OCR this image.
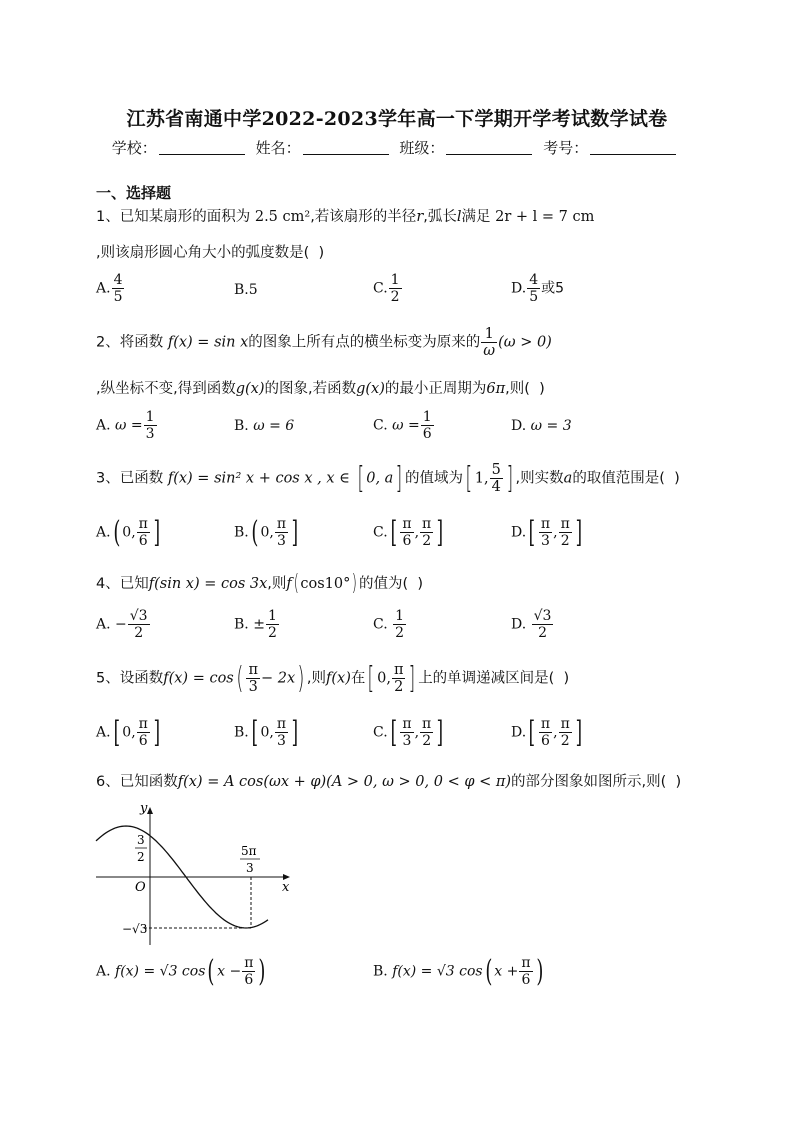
江苏省南通中学2022-2023学年高一下学期开学考试数学试卷
学校：	姓名：	班级：	考号：
一、选择题
1、已知某扇形的面积为 2.5 cm²,若该扇形的半径r,弧长l满足 2r + l = 7 cm
,则该扇形圆心角大小的弧度数是(  )
A. $\frac{4}{5}$	B.5	C. $\frac{1}{2}$	D. $\frac{4}{5}$ 或5
2、将函数 f(x) = sin x的图象上所有点的横坐标变为原来的 $\frac{1}{\omega} (\omega > 0)$
,纵坐标不变,得到函数g(x)的图象,若函数g(x)的最小正周期为6π,则(  )
A. $\omega = \frac{1}{3}$	B. ω = 6	C. $\omega = \frac{1}{6}$	D. ω = 3
3、已函数 f(x) = sin² x + cos x , x ∈ [ 0, a] 的值域为[ 1, $\frac{5}{4}$ ] ,则实数a的取值范围是(  )
A.( 0, $\frac{\pi}{6}$ ]	B.( 0, $\frac{\pi}{3}$ ]	$C.[ \frac{\pi}{6}$ , $\frac{\pi}{2}$ ]	$D.[ \frac{\pi}{3}$ , $\frac{\pi}{2}$ ]
4、已知f(sin x) = cos 3x,则f( cos10°) 的值为(  )
A. − $\frac{√3}{2}$	B. ± $\frac{1}{2}$	C. $\frac{1}{2}$	D. $\frac{√3}{2}$
5、设函数$f(x) = \cos( \frac{\pi}{3} - 2x)$ ,则f(x)在[ 0, $\frac{\pi}{2}$ ] 上的单调递减区间是(  )
A.[ 0, $\frac{\pi}{6}$ ]	B.[ 0, $\frac{\pi}{3}$ ]	$C.[ \frac{\pi}{3}$ , $\frac{\pi}{2}$ ]	$D.[ \frac{\pi}{6}$ , $\frac{\pi}{2}$ ]
6、已知函数f(x) = A cos(ωx + φ)(A > 0, ω > 0, 0 < φ < π)的部分图象如图所示,则(  )
y
x
O
3
2	5π
3
−√3
A. f(x) = √3 cos( $x - \frac{\pi}{6}$ )	B. f(x) = √3 cos( $x + \frac{\pi}{6}$ )
